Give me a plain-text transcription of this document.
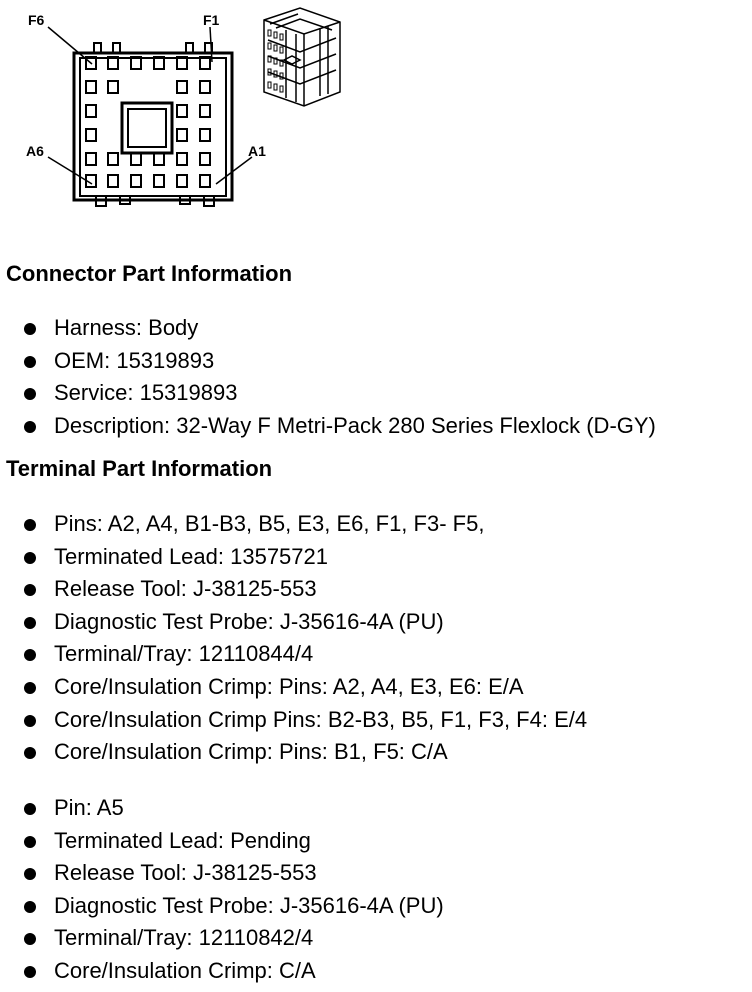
F6	F1
A6	A1
Connector Part Information
Harness: Body
OEM: 15319893
Service: 15319893
Description: 32-Way F Metri-Pack 280 Series Flexlock (D-GY)
Terminal Part Information
Pins: A2, A4, B1-B3, B5, E3, E6, F1, F3- F5,
Terminated Lead: 13575721
Release Tool: J-38125-553
Diagnostic Test Probe: J-35616-4A (PU)
Terminal/Tray: 12110844/4
Core/Insulation Crimp: Pins: A2, A4, E3, E6: E/A
Core/Insulation Crimp Pins: B2-B3, B5, F1, F3, F4: E/4
Core/Insulation Crimp: Pins: B1, F5: C/A
Pin: A5
Terminated Lead: Pending
Release Tool: J-38125-553
Diagnostic Test Probe: J-35616-4A (PU)
Terminal/Tray: 12110842/4
Core/Insulation Crimp: C/A
